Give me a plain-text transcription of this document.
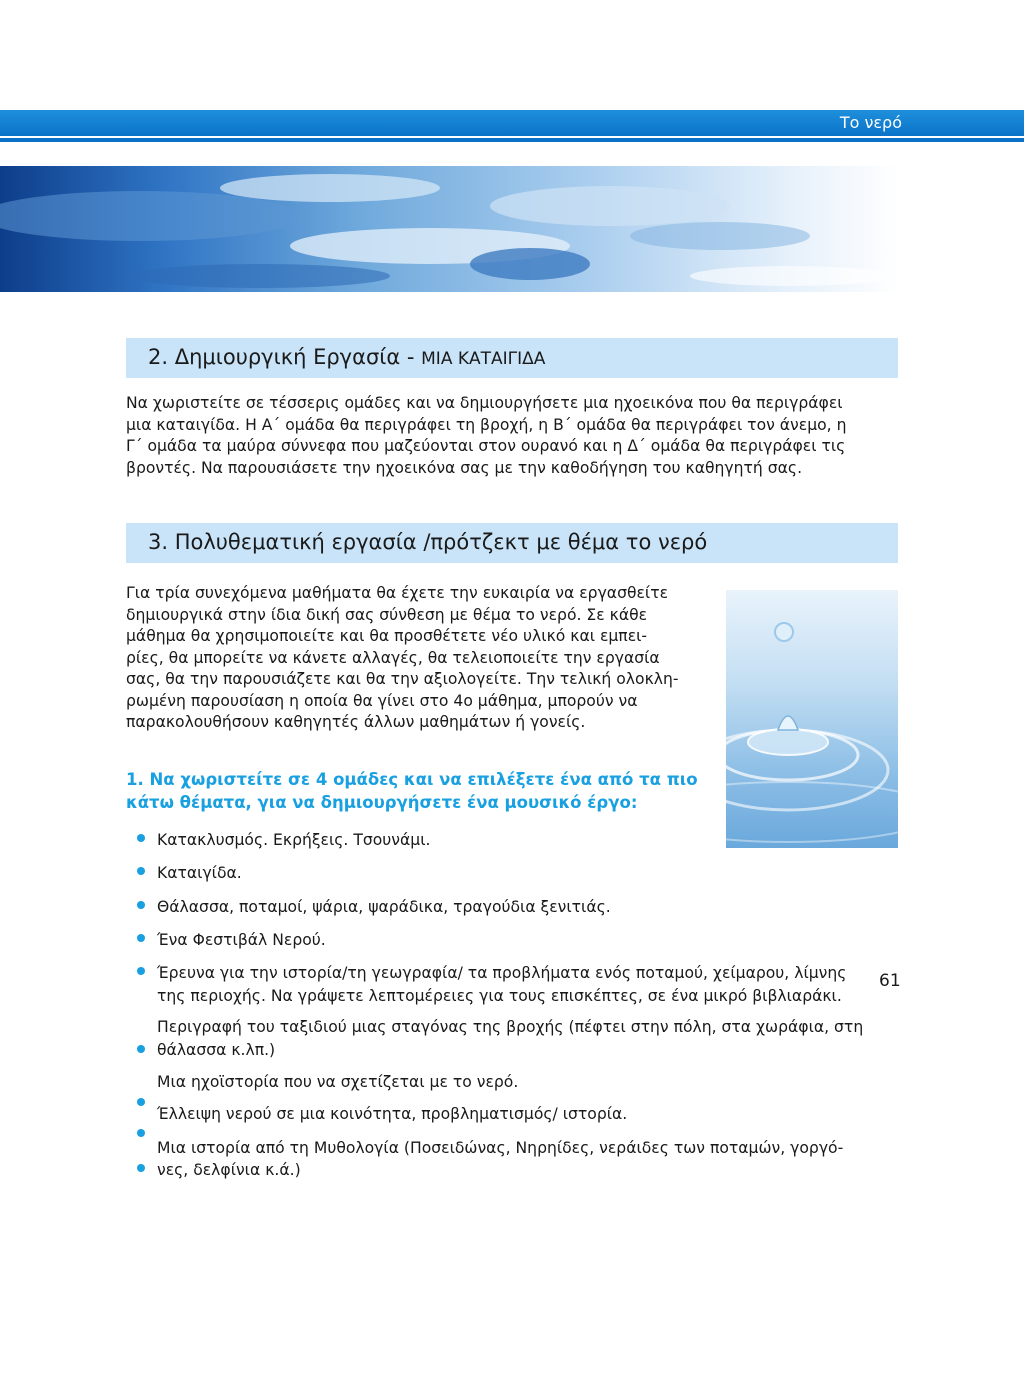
Το νερό
2. Δημιουργική Εργασία - ΜΙΑ ΚΑΤΑΙΓΙΔΑ

Να χωριστείτε σε τέσσερις ομάδες και να δημιουργήσετε μια ηχοεικόνα που θα περιγράφει

μια καταιγίδα. Η Α΄ ομάδα θα περιγράφει τη βροχή, η Β΄ ομάδα θα περιγράφει τον άνεμο, η

Γ΄ ομάδα τα μαύρα σύννεφα που μαζεύονται στον ουρανό και η Δ΄ ομάδα θα περιγράφει τις

βροντές. Να παρουσιάσετε την ηχοεικόνα σας με την καθοδήγηση του καθηγητή σας.

3. Πολυθεματική εργασία /πρότζεκτ με θέμα το νερό

Για τρία συνεχόμενα μαθήματα θα έχετε την ευκαιρία να εργασθείτε

δημιουργικά στην ίδια δική σας σύνθεση με θέμα το νερό. Σε κάθε

μάθημα θα χρησιμοποιείτε και θα προσθέτετε νέο υλικό και εμπει-

ρίες, θα μπορείτε να κάνετε αλλαγές, θα τελειοποιείτε την εργασία

σας, θα την παρουσιάζετε και θα την αξιολογείτε. Την τελική ολοκλη-

ρωμένη παρουσίαση η οποία θα γίνει στο 4ο μάθημα, μπορούν να

παρακολουθήσουν καθηγητές άλλων μαθημάτων ή γονείς.

1. Να χωριστείτε σε 4 ομάδες και να επιλέξετε ένα από τα πιο
κάτω θέματα, για να δημιουργήσετε ένα μουσικό έργο:
Κατακλυσμός. Εκρήξεις. Τσουνάμι.
Καταιγίδα.
Θάλασσα, ποταμοί, ψάρια, ψαράδικα, τραγούδια ξενιτιάς.
Ένα Φεστιβάλ Νερού.
Έρευνα για την ιστορία/τη γεωγραφία/ τα προβλήματα ενός ποταμού, χείμαρου, λίμνης
της περιοχής. Να γράψετε λεπτομέρειες για τους επισκέπτες, σε ένα μικρό βιβλιαράκι.
Περιγραφή του ταξιδιού μιας σταγόνας της βροχής (πέφτει στην πόλη, στα χωράφια, στη
θάλασσα κ.λπ.)
Μια ηχοϊστορία που να σχετίζεται με το νερό.
Έλλειψη νερού σε μια κοινότητα, προβληματισμός/ ιστορία.
Μια ιστορία από τη Μυθολογία (Ποσειδώνας, Νηρηίδες, νεράιδες των ποταμών, γοργό-
νες, δελφίνια κ.ά.)
61
